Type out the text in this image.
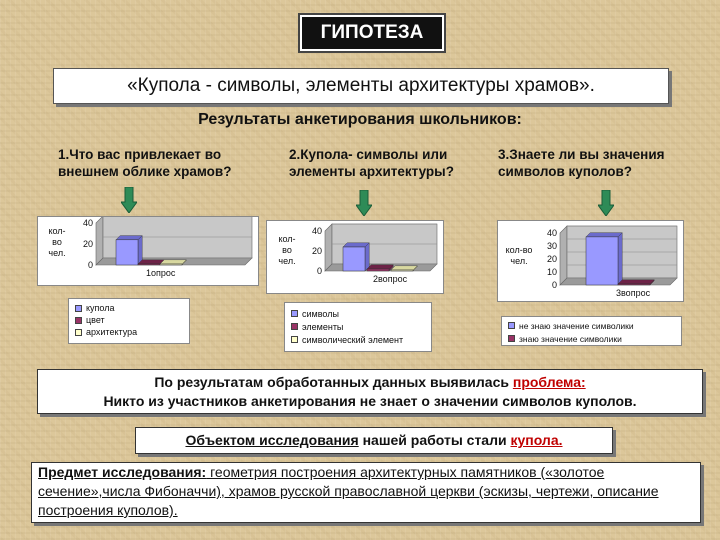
ГИПОТЕЗА
«Купола - символы, элементы архитектуры храмов».
Результаты анкетирования школьников:
1.Что вас привлекает во
внешнем облике храмов?
2.Купола- символы или
элементы архитектуры?
3.Знаете ли вы значения
символов куполов?
кол-
во
чел.
40
20
0
1опрос
купола
цвет
архитектура
кол-
во
чел.
40
20
0
2вопрос
символы
элементы
символический элемент
кол-во
чел.
40
30
20
10
0
3вопрос
не знаю значение символики
знаю значение символики
По результатам обработанных данных выявилась проблема:
Никто из участников анкетирования не знает о значении символов куполов.
Объектом исследования нашей работы стали купола.
Предмет исследования: геометрия построения архитектурных памятников («золотое сечение»,числа Фибоначчи), храмов русской православной церкви (эскизы, чертежи, описание построения куполов).
